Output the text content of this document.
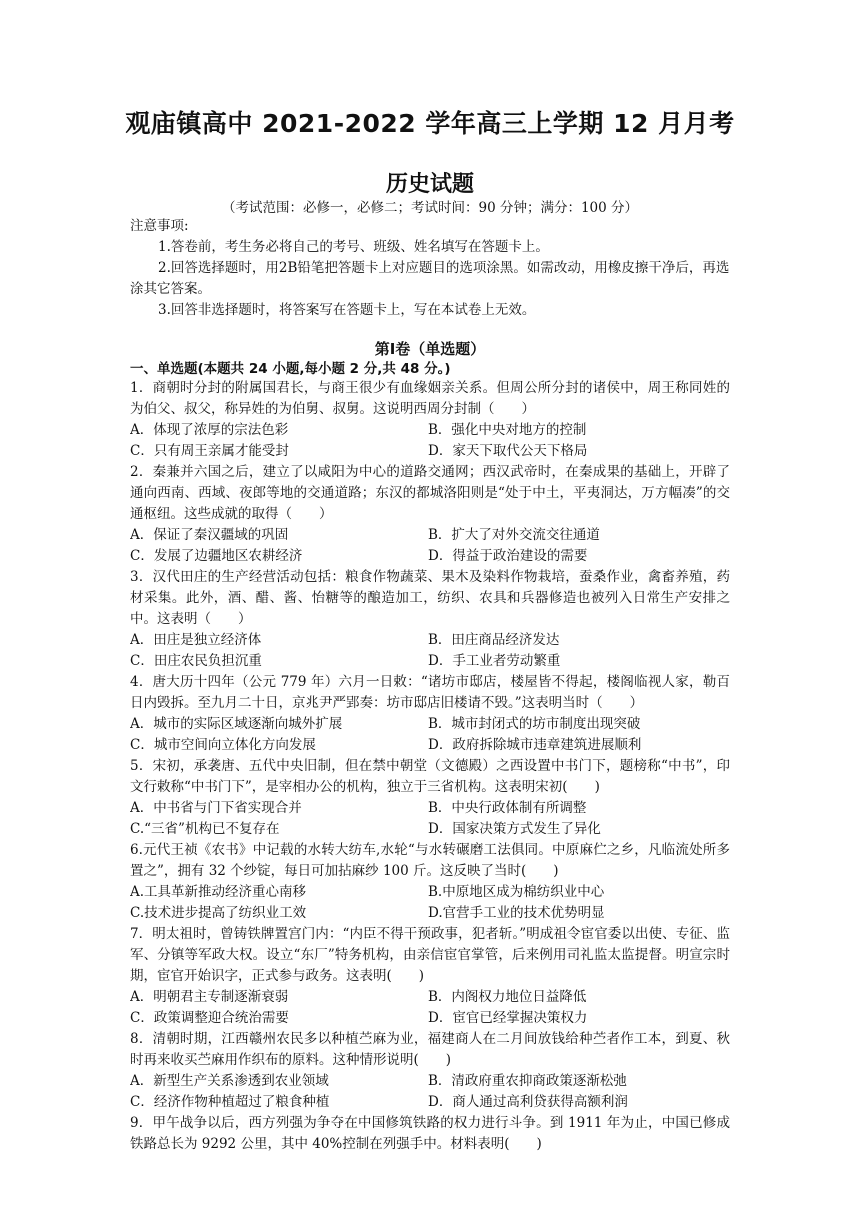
观庙镇高中 2021-2022 学年高三上学期 12 月月考
历史试题
（考试范围：必修一，必修二；考试时间：90 分钟；满分：100 分）

注意事项:

1.答卷前，考生务必将自己的考号、班级、姓名填写在答题卡上。

2.回答选择题时，用2B铅笔把答题卡上对应题目的选项涂黑。如需改动，用橡皮擦干净后，再选涂其它答案。

3.回答非选择题时，将答案写在答题卡上，写在本试卷上无效。

第Ⅰ卷（单选题）
一、单选题(本题共 24 小题,每小题 2 分,共 48 分。)

1．商朝时分封的附属国君长，与商王很少有血缘姻亲关系。但周公所分封的诸侯中，周王称同姓的为伯父、叔父，称异姓的为伯舅、叔舅。这说明西周分封制（　　）

A．体现了浓厚的宗法色彩	B．强化中央对地方的控制
C．只有周王亲属才能受封	D．家天下取代公天下格局

2．秦兼并六国之后，建立了以咸阳为中心的道路交通网；西汉武帝时，在秦成果的基础上，开辟了通向西南、西域、夜郎等地的交通道路；东汉的都城洛阳则是“处于中土，平夷洞达，万方幅凑”的交通枢纽。这些成就的取得（　　）

A．保证了秦汉疆域的巩固	B．扩大了对外交流交往通道
C．发展了边疆地区农耕经济	D．得益于政治建设的需要

3．汉代田庄的生产经营活动包括：粮食作物蔬菜、果木及染料作物栽培，蚕桑作业，禽畜养殖，药材采集。此外，酒、醋、酱、怡糖等的酿造加工，纺织、农具和兵器修造也被列入日常生产安排之中。这表明（　　）

A．田庄是独立经济体	B．田庄商品经济发达
C．田庄农民负担沉重	D．手工业者劳动繁重

4．唐大历十四年（公元 779 年）六月一日敕：“诸坊市邸店，楼屋皆不得起，楼阁临视人家，勒百日内毁拆。至九月二十日，京兆尹严郢奏：坊市邸店旧楼请不毁。”这表明当时（　　）

A．城市的实际区域逐渐向城外扩展	B．城市封闭式的坊市制度出现突破
C．城市空间向立体化方向发展	D．政府拆除城市违章建筑进展顺利

5．宋初，承袭唐、五代中央旧制，但在禁中朝堂（文德殿）之西设置中书门下，题榜称“中书”，印文行敕称“中书门下”，是宰相办公的机构，独立于三省机构。这表明宋初(　　)

A．中书省与门下省实现合并	B．中央行政体制有所调整
C.“三省”机构已不复存在	D．国家决策方式发生了异化

6.元代王祯《农书》中记载的水转大纺车,水轮“与水转碾磨工法俱同。中原麻伫之乡，凡临流处所多置之”，拥有 32 个纱锭，每日可加拈麻纱 100 斤。这反映了当时(　　)

A.工具革新推动经济重心南移	B.中原地区成为棉纺织业中心
C.技术进步提高了纺织业工效	D.官营手工业的技术优势明显

7．明太祖时，曾铸铁牌置宫门内：“内臣不得干预政事，犯者斩。”明成祖令宦官委以出使、专征、监军、分镇等军政大权。设立“东厂”特务机构，由亲信宦官掌管，后来例用司礼监太监提督。明宣宗时期，宦官开始识字，正式参与政务。这表明(　　)

A．明朝君主专制逐渐衰弱	B．内阁权力地位日益降低
C．政策调整迎合统治需要	D．宦官已经掌握决策权力

8．清朝时期，江西赣州农民多以种植苎麻为业，福建商人在二月间放钱给种苎者作工本，到夏、秋时再来收买苎麻用作织布的原料。这种情形说明(　　)

A．新型生产关系渗透到农业领域	B．清政府重农抑商政策逐渐松弛
C．经济作物种植超过了粮食种植	D．商人通过高利贷获得高额利润

9．甲午战争以后，西方列强为争夺在中国修筑铁路的权力进行斗争。到 1911 年为止，中国已修成铁路总长为 9292 公里，其中 40%控制在列强手中。材料表明(　　)
